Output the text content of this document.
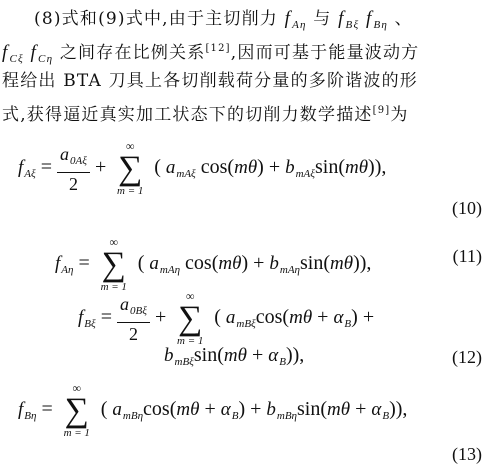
(8)式和(9)式中,由于主切削力 $f_{A\eta}$ 与 $f_{B\xi}$ $f_{B\eta}$ 、
$f_{C\xi}$ $f_{C\eta}$ 之间存在比例关系[12],因而可基于能量波动方
程给出 BTA 刀具上各切削载荷分量的多阶谐波的形
式,获得逼近真实加工状态下的切削力数学描述[9]为
$f_{A\xi} = \frac{a_{0A\xi}}{2}$ +
∞
∑
m = 1
( $a_{mA\xi}$ $\cos(m\theta) + b_{mA\xi}\sin(m\theta)$),
(10)
$f_{A\eta}$ =
∞
∑
m = 1
( $a_{mA\eta}$ $\cos(m\theta) + b_{mA\eta}\sin(m\theta)$),	(11)
$f_{B\xi} = \frac{a_{0B\xi}}{2}$ +
∞
∑
m = 1
( $a_{mB\xi}\cos(m\theta + \alpha_B)$ +
$b_{mB\xi}\sin(m\theta + \alpha_B)$),	(12)
$f_{B\eta}$ =
∞
∑
m = 1
( $a_{mB\eta}\cos(m\theta + \alpha_B) + b_{mB\eta}\sin(m\theta + \alpha_B)$),
(13)
